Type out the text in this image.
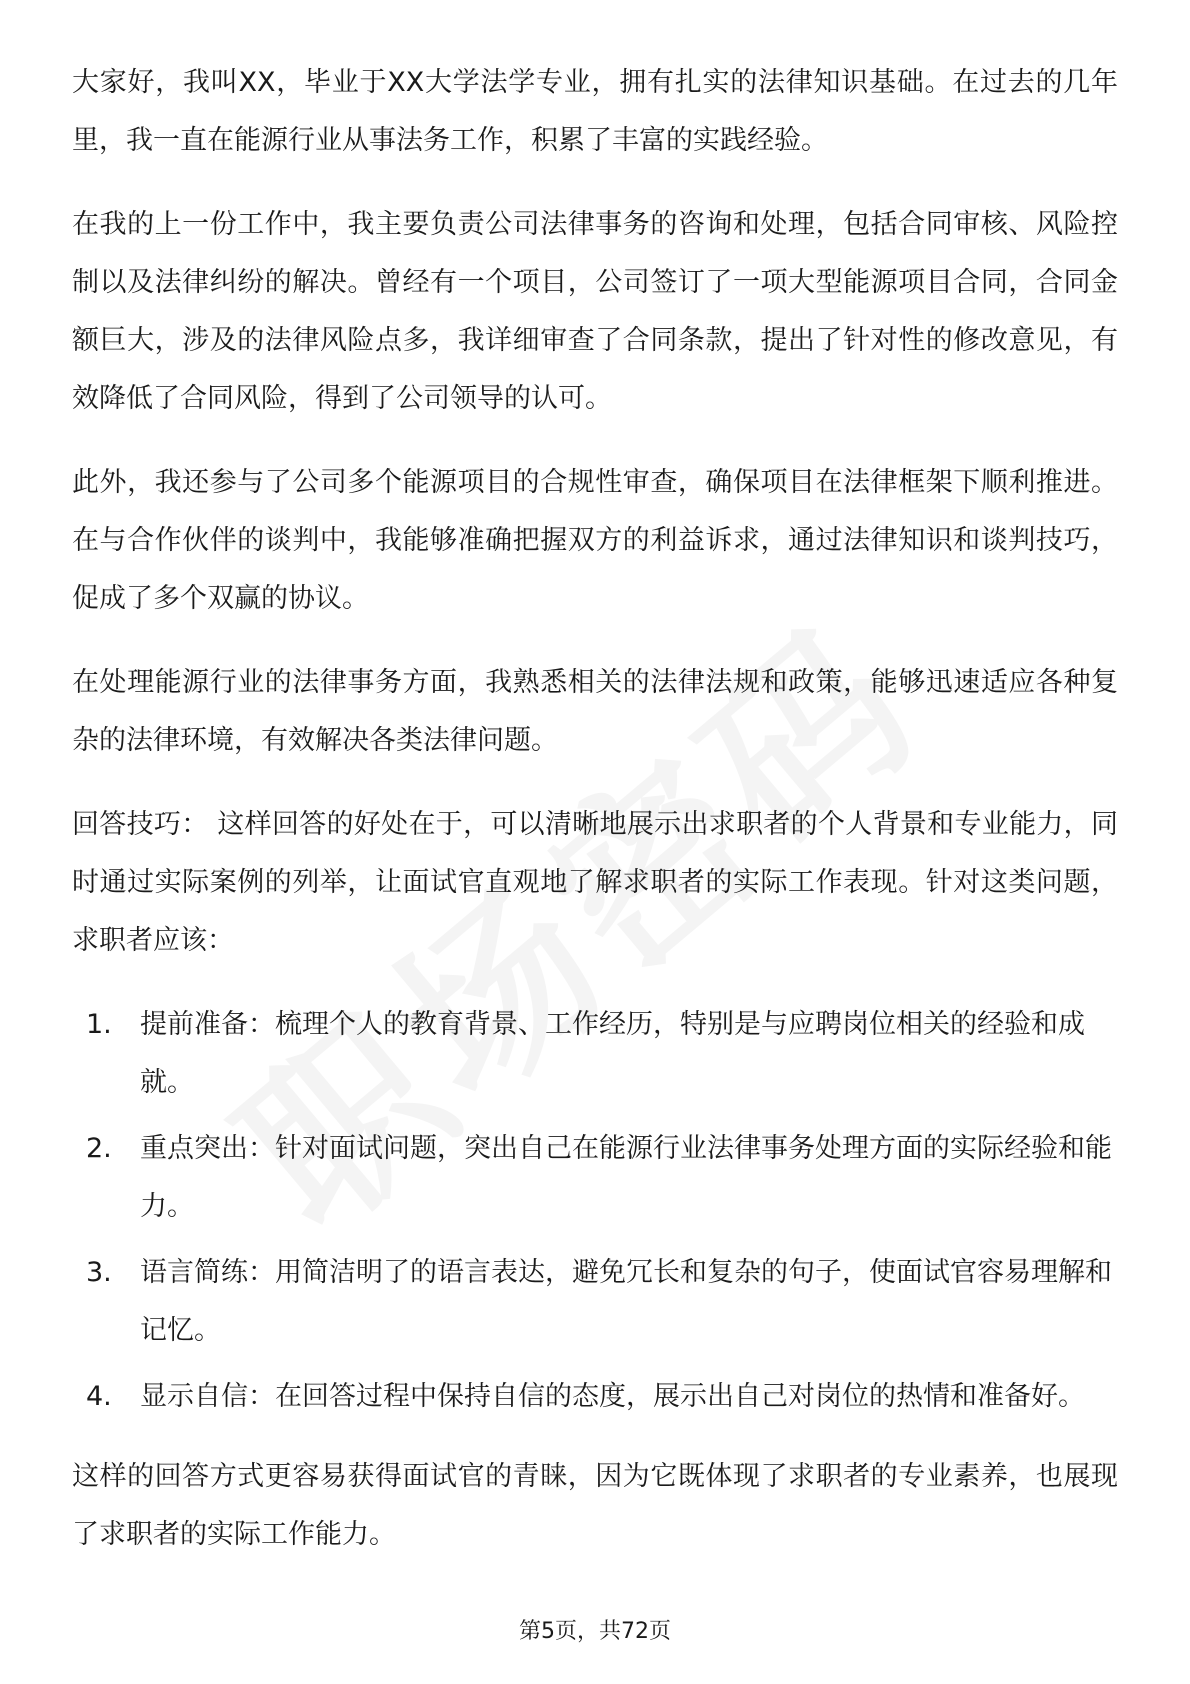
大家好，我叫XX，毕业于XX大学法学专业，拥有扎实的法律知识基础。在过去的几年里，我一直在能源行业从事法务工作，积累了丰富的实践经验。

在我的上一份工作中，我主要负责公司法律事务的咨询和处理，包括合同审核、风险控制以及法律纠纷的解决。曾经有一个项目，公司签订了一项大型能源项目合同，合同金额巨大，涉及的法律风险点多，我详细审查了合同条款，提出了针对性的修改意见，有效降低了合同风险，得到了公司领导的认可。

此外，我还参与了公司多个能源项目的合规性审查，确保项目在法律框架下顺利推进。在与合作伙伴的谈判中，我能够准确把握双方的利益诉求，通过法律知识和谈判技巧，促成了多个双赢的协议。

在处理能源行业的法律事务方面，我熟悉相关的法律法规和政策，能够迅速适应各种复杂的法律环境，有效解决各类法律问题。

回答技巧： 这样回答的好处在于，可以清晰地展示出求职者的个人背景和专业能力，同时通过实际案例的列举，让面试官直观地了解求职者的实际工作表现。针对这类问题，求职者应该：

1.	提前准备：梳理个人的教育背景、工作经历，特别是与应聘岗位相关的经验和成就。
2.	重点突出：针对面试问题，突出自己在能源行业法律事务处理方面的实际经验和能力。
3.	语言简练：用简洁明了的语言表达，避免冗长和复杂的句子，使面试官容易理解和记忆。
4.	显示自信：在回答过程中保持自信的态度，展示出自己对岗位的热情和准备好。

这样的回答方式更容易获得面试官的青睐，因为它既体现了求职者的专业素养，也展现了求职者的实际工作能力。

第5页，共72页
